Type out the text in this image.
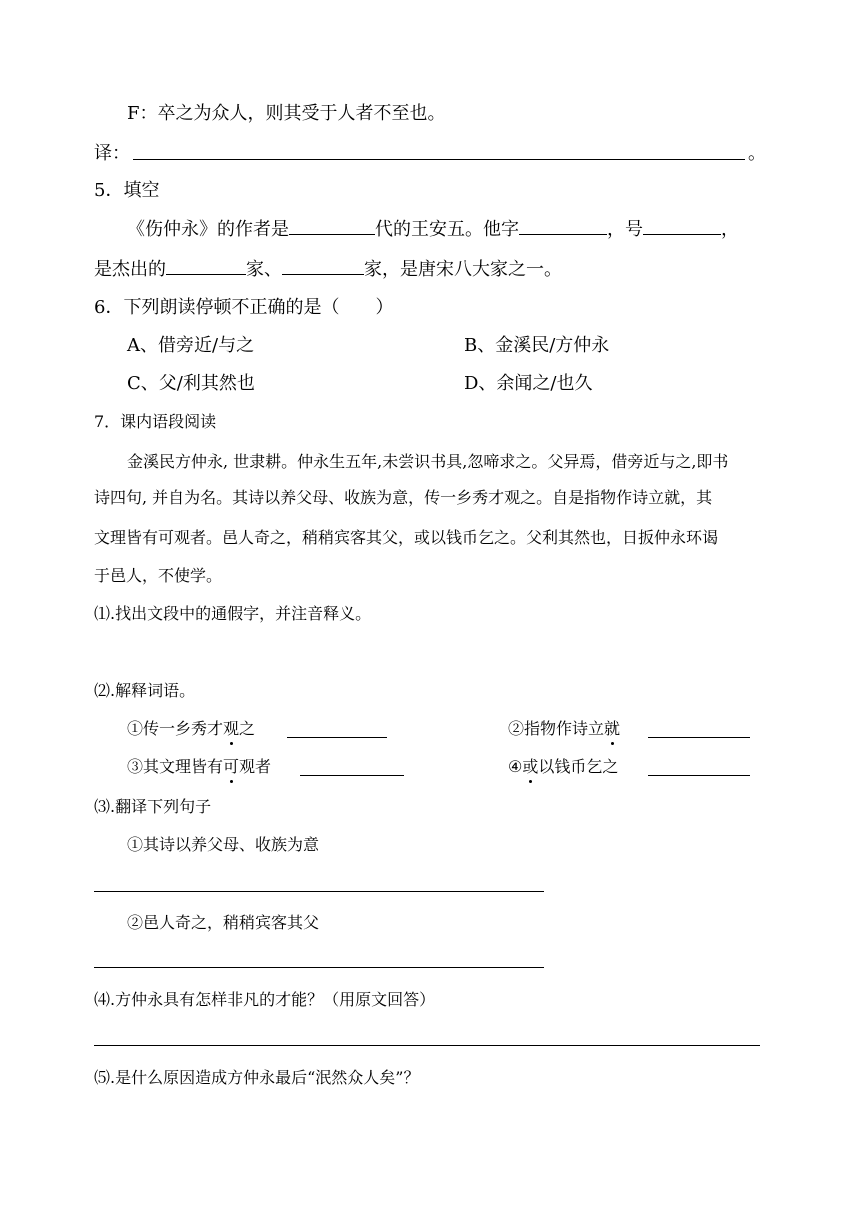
F：卒之为众人，则其受于人者不至也。
译：	。
5．填空
《伤仲永》的作者是	代的王安五。他字	，号	，
是杰出的	家、	家，是唐宋八大家之一。
6．下列朗读停顿不正确的是（　　）
A、借旁近/与之	B、金溪民/方仲永
C、父/利其然也	D、余闻之/也久
7．课内语段阅读
金溪民方仲永, 世隶耕。仲永生五年,未尝识书具,忽啼求之。父异焉，借旁近与之,即书
诗四句, 并自为名。其诗以养父母、收族为意，传一乡秀才观之。自是指物作诗立就，其
文理皆有可观者。邑人奇之，稍稍宾客其父，或以钱币乞之。父利其然也，日扳仲永环谒
于邑人，不使学。
⑴.找出文段中的通假字，并注音释义。
⑵.解释词语。
①传一乡秀才观之	②指物作诗立就
③其文理皆有可观者	④或以钱币乞之
⑶.翻译下列句子
①其诗以养父母、收族为意
②邑人奇之，稍稍宾客其父
⑷.方仲永具有怎样非凡的才能？（用原文回答）
⑸.是什么原因造成方仲永最后“泯然众人矣”？
